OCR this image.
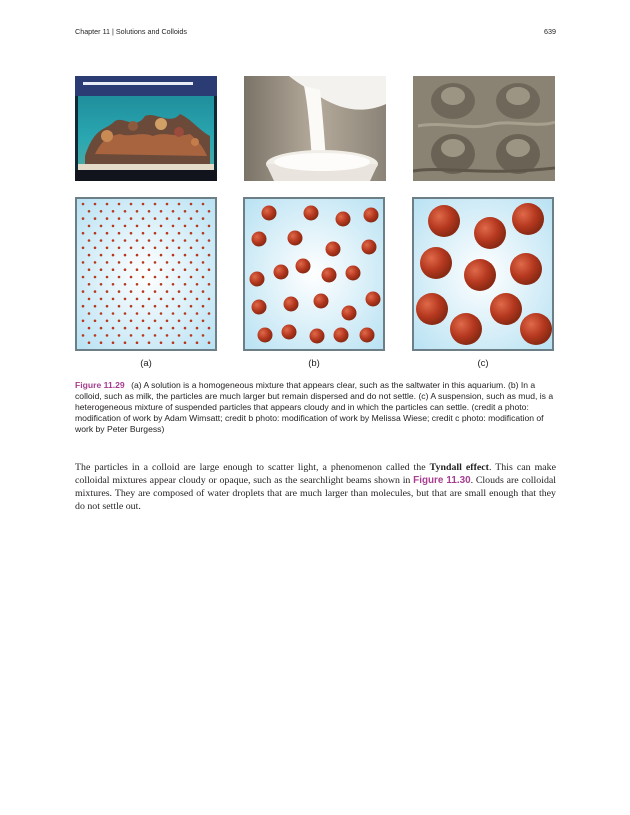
Chapter 11 | Solutions and Colloids	639
(a)	(b)	(c)
Figure 11.29 (a) A solution is a homogeneous mixture that appears clear, such as the saltwater in this aquarium. (b) In a colloid, such as milk, the particles are much larger but remain dispersed and do not settle. (c) A suspension, such as mud, is a heterogeneous mixture of suspended particles that appears cloudy and in which the particles can settle. (credit a photo: modification of work by Adam Wimsatt; credit b photo: modification of work by Melissa Wiese; credit c photo: modification of work by Peter Burgess)
The particles in a colloid are large enough to scatter light, a phenomenon called the Tyndall effect. This can make colloidal mixtures appear cloudy or opaque, such as the searchlight beams shown in Figure 11.30. Clouds are colloidal mixtures. They are composed of water droplets that are much larger than molecules, but that are small enough that they do not settle out.
